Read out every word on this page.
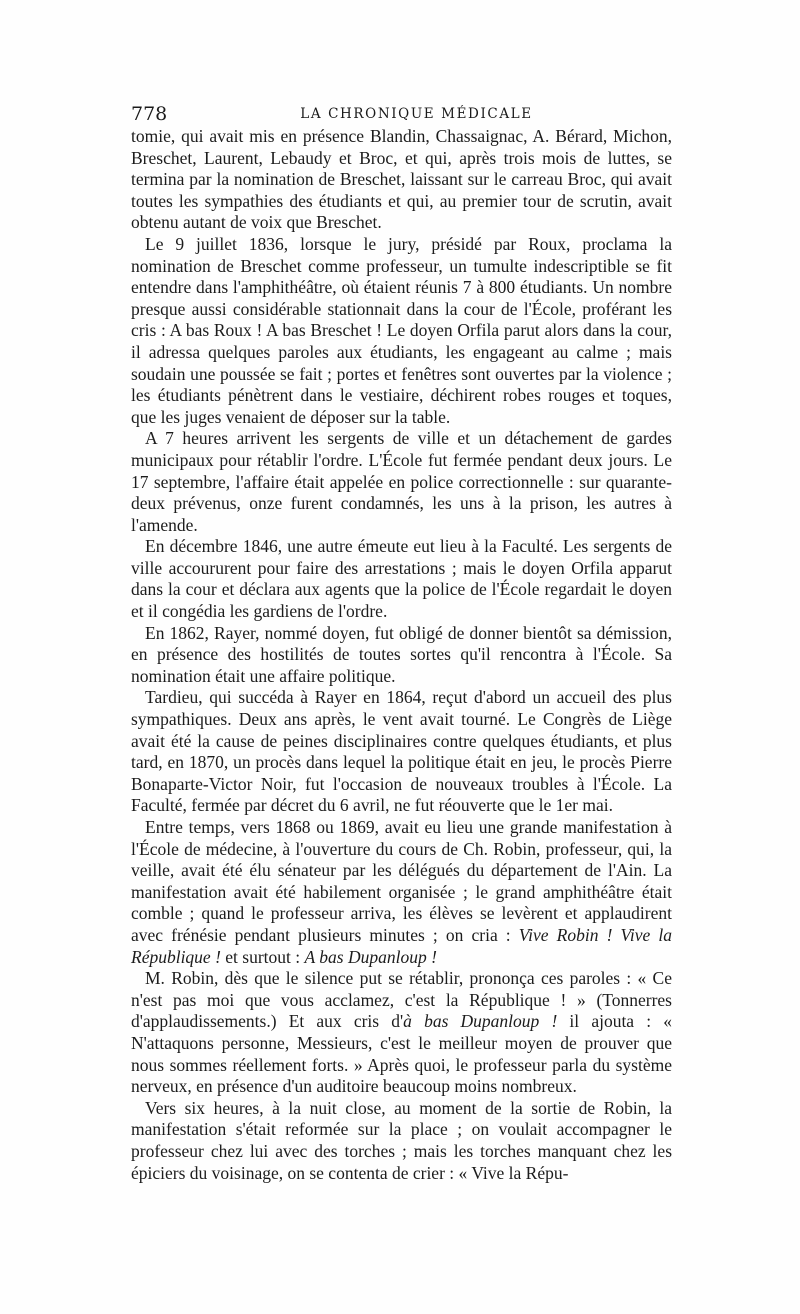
778	LA CHRONIQUE MÉDICALE

tomie, qui avait mis en présence Blandin, Chassaignac, A. Bérard, Michon, Breschet, Laurent, Lebaudy et Broc, et qui, après trois mois de luttes, se termina par la nomination de Breschet, laissant sur le carreau Broc, qui avait toutes les sympathies des étudiants et qui, au premier tour de scrutin, avait obtenu autant de voix que Breschet.

Le 9 juillet 1836, lorsque le jury, présidé par Roux, proclama la nomination de Breschet comme professeur, un tumulte indescriptible se fit entendre dans l'amphithéâtre, où étaient réunis 7 à 800 étudiants. Un nombre presque aussi considérable stationnait dans la cour de l'École, proférant les cris : A bas Roux ! A bas Breschet ! Le doyen Orfila parut alors dans la cour, il adressa quelques paroles aux étudiants, les engageant au calme ; mais soudain une poussée se fait ; portes et fenêtres sont ouvertes par la violence ; les étudiants pénètrent dans le vestiaire, déchirent robes rouges et toques, que les juges venaient de déposer sur la table.

A 7 heures arrivent les sergents de ville et un détachement de gardes municipaux pour rétablir l'ordre. L'École fut fermée pendant deux jours. Le 17 septembre, l'affaire était appelée en police correctionnelle : sur quarante-deux prévenus, onze furent condamnés, les uns à la prison, les autres à l'amende.

En décembre 1846, une autre émeute eut lieu à la Faculté. Les sergents de ville accoururent pour faire des arrestations ; mais le doyen Orfila apparut dans la cour et déclara aux agents que la police de l'École regardait le doyen et il congédia les gardiens de l'ordre.

En 1862, Rayer, nommé doyen, fut obligé de donner bientôt sa démission, en présence des hostilités de toutes sortes qu'il rencontra à l'École. Sa nomination était une affaire politique.

Tardieu, qui succéda à Rayer en 1864, reçut d'abord un accueil des plus sympathiques. Deux ans après, le vent avait tourné. Le Congrès de Liège avait été la cause de peines disciplinaires contre quelques étudiants, et plus tard, en 1870, un procès dans lequel la politique était en jeu, le procès Pierre Bonaparte-Victor Noir, fut l'occasion de nouveaux troubles à l'École. La Faculté, fermée par décret du 6 avril, ne fut réouverte que le 1er mai.

Entre temps, vers 1868 ou 1869, avait eu lieu une grande manifestation à l'École de médecine, à l'ouverture du cours de Ch. Robin, professeur, qui, la veille, avait été élu sénateur par les délégués du département de l'Ain. La manifestation avait été habilement organisée ; le grand amphithéâtre était comble ; quand le professeur arriva, les élèves se levèrent et applaudirent avec frénésie pendant plusieurs minutes ; on cria : Vive Robin ! Vive la République ! et surtout : A bas Dupanloup !

M. Robin, dès que le silence put se rétablir, prononça ces paroles : « Ce n'est pas moi que vous acclamez, c'est la République ! » (Tonnerres d'applaudissements.) Et aux cris d'à bas Dupanloup ! il ajouta : « N'attaquons personne, Messieurs, c'est le meilleur moyen de prouver que nous sommes réellement forts. » Après quoi, le professeur parla du système nerveux, en présence d'un auditoire beaucoup moins nombreux.

Vers six heures, à la nuit close, au moment de la sortie de Robin, la manifestation s'était reformée sur la place ; on voulait accompagner le professeur chez lui avec des torches ; mais les torches manquant chez les épiciers du voisinage, on se contenta de crier : « Vive la Répu-
